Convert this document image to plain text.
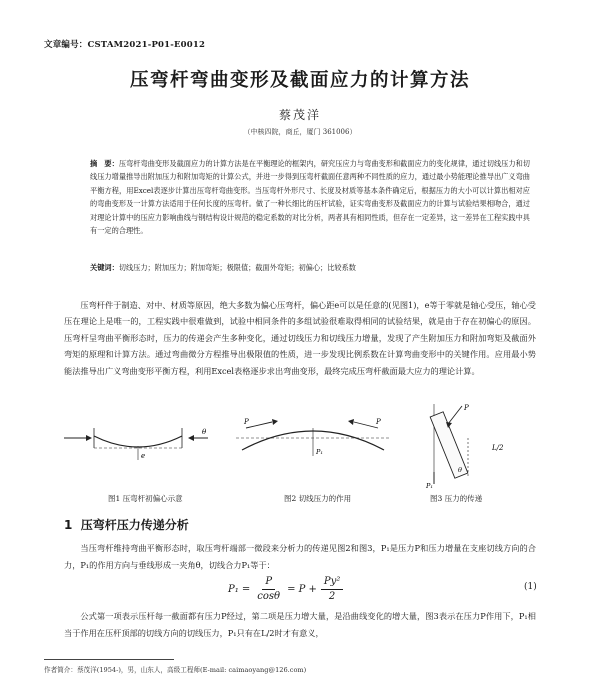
文章编号：CSTAM2021-P01-E0012
压弯杆弯曲变形及截面应力的计算方法
蔡茂洋
（中核四院，商丘，厦门 361006）
摘　要：压弯杆弯曲变形及截面应力的计算方法是在平衡理论的框架内，研究压应力与弯曲变形和截面应力的变化规律，通过切线压力和切线压力增量推导出附加压力和附加弯矩的计算公式，并进一步得到压弯杆截面任意两种不同性质的应力，通过最小势能理论推导出广义弯曲平衡方程，用Excel表逐步计算出压弯杆弯曲变形。当压弯杆外形尺寸、长度及材质等基本条件确定后，根据压力的大小可以计算出相对应的弯曲变形及一计算方法适用于任何长度的压弯杆。做了一种长细比的压杆试验，证实弯曲变形及截面应力的计算与试验结果相吻合，通过对理论计算中的压应力影响曲线与钢结构设计规范的稳定系数的对比分析，两者具有相同性质，但存在一定差异，这一差异在工程实践中具有一定的合理性。
关键词：切线压力；附加压力；附加弯矩；极限值；截面外弯矩；初偏心；比较系数
压弯杆件于制造、对中、材质等原因，绝大多数为偏心压弯杆，偏心距e可以是任意的(见图1)，e等于零就是轴心受压，轴心受压在理论上是唯一的，工程实践中很难做到，试验中相同条件的多组试验很难取得相同的试验结果，就是由于存在初偏心的原因。压弯杆呈弯曲平衡形态时，压力的传递会产生多种变化，通过切线压力和切线压力增量，发现了产生附加压力和附加弯矩及截面外弯矩的原理和计算方法。通过弯曲微分方程推导出极限值的性质，进一步发现比例系数在计算弯曲变形中的关键作用。应用最小势能法推导出广义弯曲变形平衡方程，利用Excel表格逐步求出弯曲变形，最终完成压弯杆截面最大应力的理论计算。
e
θ
图1 压弯杆初偏心示意
P	P
P₁
图2 切线压力的作用
P
L/2
P₁
θ
图3 压力的传递
1 压弯杆压力传递分析
当压弯杆维持弯曲平衡形态时，取压弯杆端部一微段来分析力的传递见图2和图3，P₁是压力P和压力增量在支座切线方向的合力，P₁的作用方向与垂线形成一夹角θ，切线合力P₁等于：
$P_1 = \frac{P}{\cos\theta} = P + \frac{\text{Py²}}{2}$	(1)
公式第一项表示压杆每一截面都有压力P经过，第二项是压力增大量，是沿曲线变化的增大量，图3表示在压力P作用下，P₁相当于作用在压杆顶部的切线方向的切线压力，P₁只有在L/2时才有意义，
作者简介：蔡茂洋(1954-)，男，山东人，高级工程师(E-mail: caimaoyang@126.com)
